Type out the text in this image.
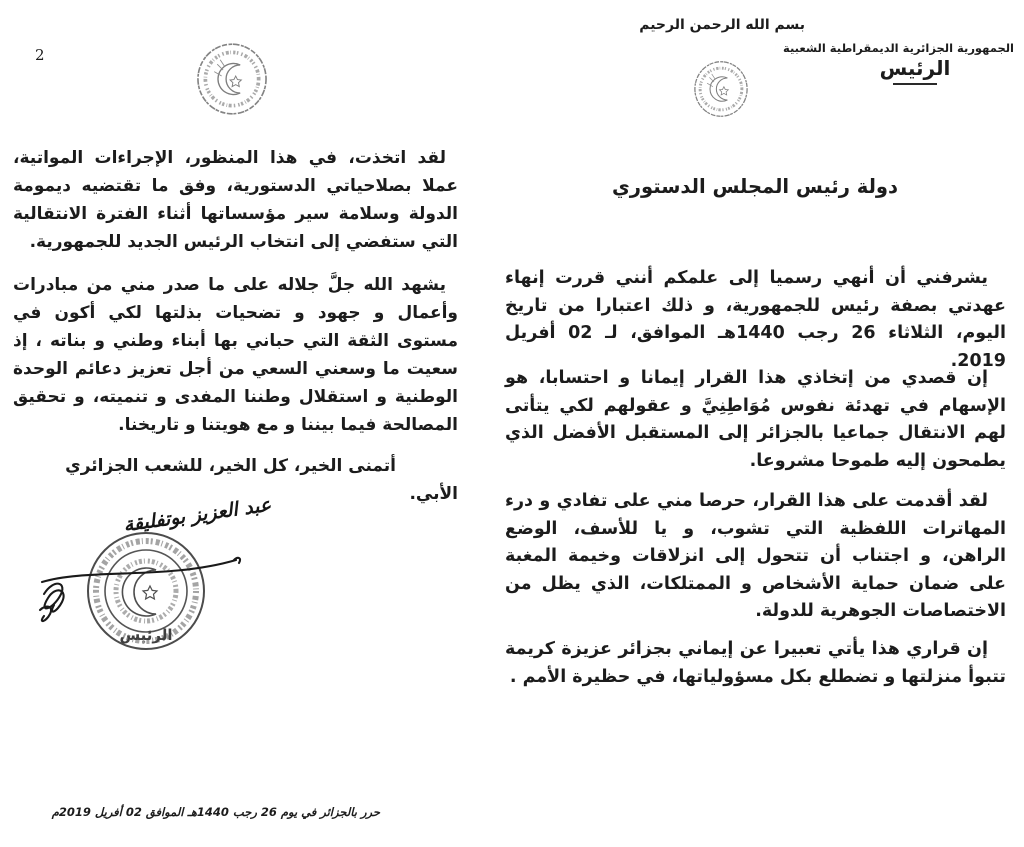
بسم الله الرحمن الرحيم
الجمهورية الجزائرية الديمقراطية الشعبية
الرئيس
دولة رئيس المجلس الدستوري
يشرفني أن أنهي رسميا إلى علمكم أنني قررت إنهاء عهدتي بصفة رئيس للجمهورية، و ذلك اعتبارا من تاريخ اليوم، الثلاثاء 26 رجب 1440هـ الموافق، لـ 02 أفريل 2019.
إن قصدي من إتخاذي هذا القرار إيمانا و احتسابا، هو الإسهام في تهدئة نفوس مُوَاطِنِيَّ و عقولهم لكي يتأتى لهم الانتقال جماعيا بالجزائر إلى المستقبل الأفضل الذي يطمحون إليه طموحا مشروعا.
لقد أقدمت على هذا القرار، حرصا مني على تفادي و درء المهاترات اللفظية التي تشوب، و يا للأسف، الوضع الراهن، و اجتناب أن تتحول إلى انزلاقات وخيمة المغبة على ضمان حماية الأشخاص و الممتلكات، الذي يظل من الاختصاصات الجوهرية للدولة.
إن قراري هذا يأتي تعبيرا عن إيماني بجزائر عزيزة كريمة تتبوأ منزلتها و تضطلع بكل مسؤولياتها، في حظيرة الأمم .
2
لقد اتخذت، في هذا المنظور، الإجراءات المواتية، عملا بصلاحياتي الدستورية، وفق ما تقتضيه ديمومة الدولة وسلامة سير مؤسساتها أثناء الفترة الانتقالية التي ستفضي إلى انتخاب الرئيس الجديد للجمهورية.
يشهد الله جلَّ جلاله على ما صدر مني من مبادرات وأعمال و جهود و تضحيات بذلتها لكي أكون في مستوى الثقة التي حباني بها أبناء وطني و بناته ، إذ سعيت ما وسعني السعي من أجل تعزيز دعائم الوحدة الوطنية و استقلال وطننا المفدى و تنميته، و تحقيق المصالحة فيما بيننا و مع هويتنا و تاريخنا.
أتمنى الخير، كل الخير، للشعب الجزائري الأبي.
الرئيس
عبد العزيز بوتفليقة
حرر بالجزائر في يوم 26 رجب 1440هـ الموافق 02 أفريل 2019م
